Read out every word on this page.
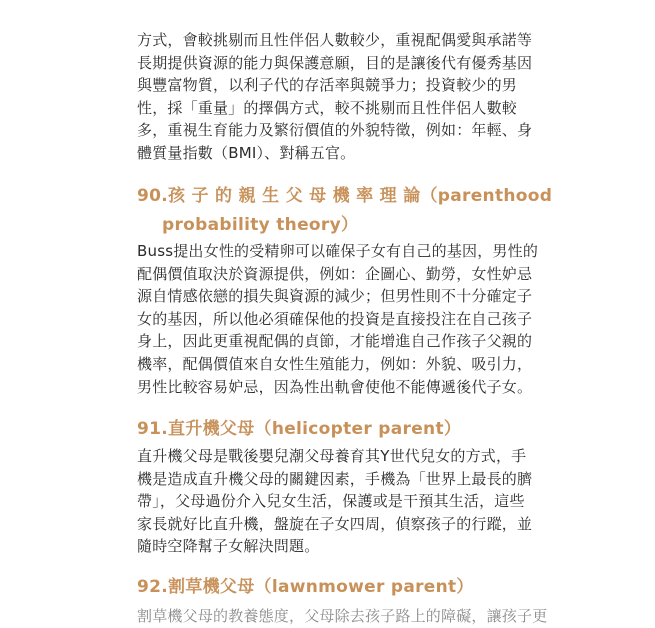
方式，會較挑剔而且性伴侶人數較少，重視配偶愛與承諾等
長期提供資源的能力與保護意願，目的是讓後代有優秀基因
與豐富物質，以利子代的存活率與競爭力；投資較少的男
性，採「重量」的擇偶方式，較不挑剔而且性伴侶人數較
多，重視生育能力及繁衍價值的外貌特徵，例如：年輕、身
體質量指數（BMI）、對稱五官。
90.孩 子 的 親 生 父 母 機 率 理 論（parenthood
probability theory）
Buss提出女性的受精卵可以確保子女有自己的基因，男性的
配偶價值取決於資源提供，例如：企圖心、勤勞，女性妒忌
源自情感依戀的損失與資源的減少；但男性則不十分確定子
女的基因，所以他必須確保他的投資是直接投注在自己孩子
身上，因此更重視配偶的貞節，才能增進自己作孩子父親的
機率，配偶價值來自女性生殖能力，例如：外貌、吸引力，
男性比較容易妒忌，因為性出軌會使他不能傳遞後代子女。
91.直升機父母（helicopter parent）
直升機父母是戰後嬰兒潮父母養育其Y世代兒女的方式，手
機是造成直升機父母的關鍵因素，手機為「世界上最長的臍
帶」，父母過份介入兒女生活，保護或是干預其生活，這些
家長就好比直升機，盤旋在子女四周，偵察孩子的行蹤，並
隨時空降幫子女解決問題。
92.割草機父母（lawnmower parent）
割草機父母的教養態度，父母除去孩子路上的障礙，讓孩子更
